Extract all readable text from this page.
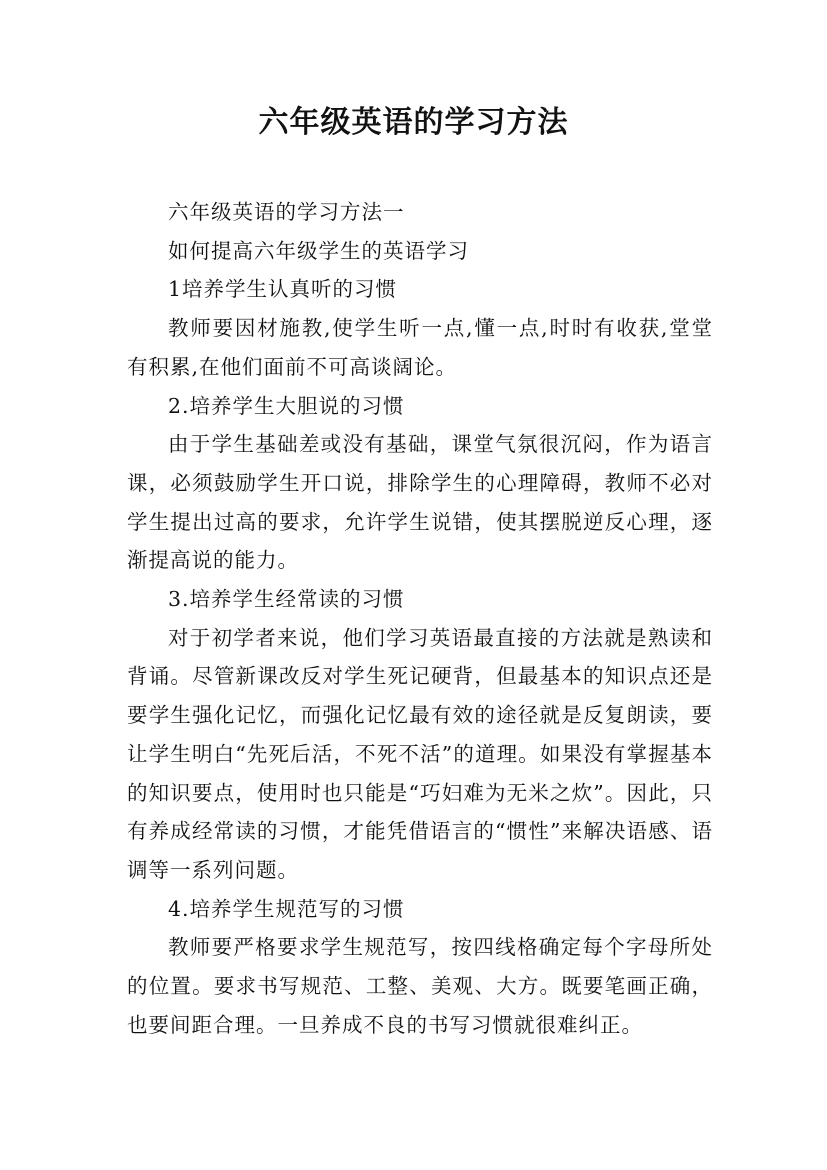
六年级英语的学习方法

六年级英语的学习方法一

如何提高六年级学生的英语学习

1培养学生认真听的习惯

教师要因材施教,使学生听一点,懂一点,时时有收获,堂堂有积累,在他们面前不可高谈阔论。

2.培养学生大胆说的习惯

由于学生基础差或没有基础，课堂气氛很沉闷，作为语言课，必须鼓励学生开口说，排除学生的心理障碍，教师不必对学生提出过高的要求，允许学生说错，使其摆脱逆反心理，逐渐提高说的能力。

3.培养学生经常读的习惯

对于初学者来说，他们学习英语最直接的方法就是熟读和背诵。尽管新课改反对学生死记硬背，但最基本的知识点还是要学生强化记忆，而强化记忆最有效的途径就是反复朗读，要让学生明白“先死后活，不死不活”的道理。如果没有掌握基本的知识要点，使用时也只能是“巧妇难为无米之炊”。因此，只有养成经常读的习惯，才能凭借语言的“惯性”来解决语感、语调等一系列问题。

4.培养学生规范写的习惯

教师要严格要求学生规范写，按四线格确定每个字母所处的位置。要求书写规范、工整、美观、大方。既要笔画正确，也要间距合理。一旦养成不良的书写习惯就很难纠正。
